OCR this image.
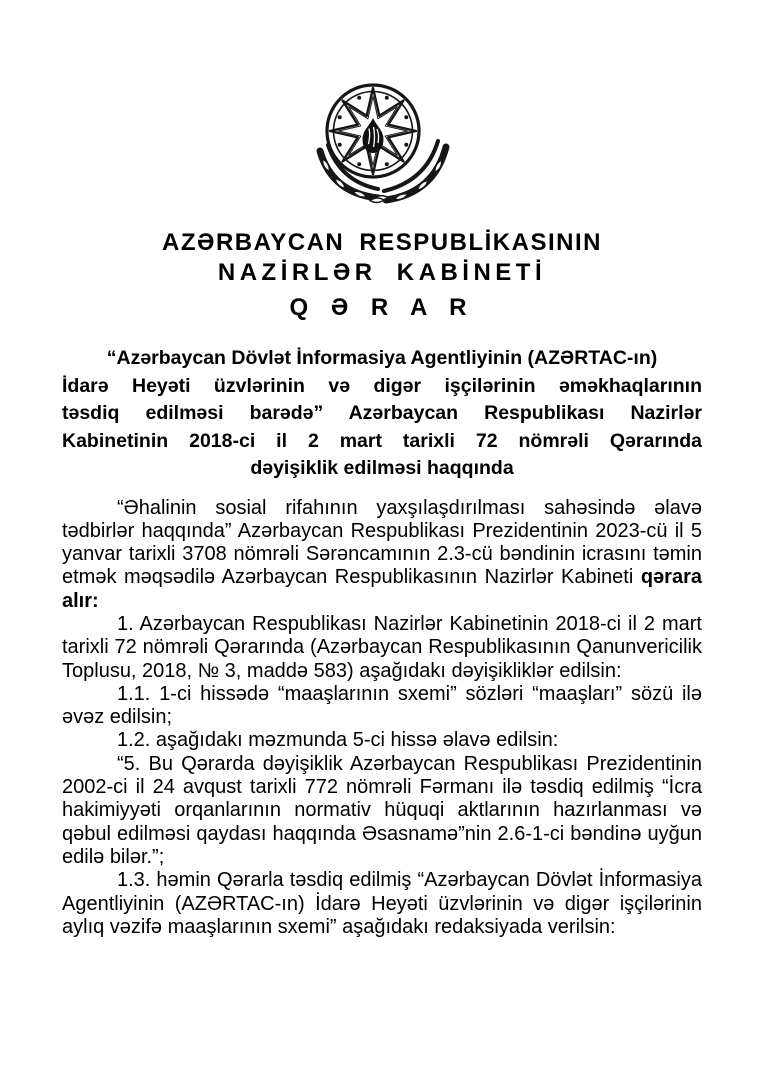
AZƏRBAYCAN RESPUBLİKASININ
NAZİRLƏR KABİNETİ
Q Ə R A R
“Azərbaycan Dövlət İnformasiya Agentliyinin (AZƏRTAC-ın)
İdarə Heyəti üzvlərinin və digər işçilərinin əməkhaqlarının
təsdiq edilməsi barədə” Azərbaycan Respublikası Nazirlər
Kabinetinin 2018-ci il 2 mart tarixli 72 nömrəli Qərarında
dəyişiklik edilməsi haqqında

“Əhalinin sosial rifahının yaxşılaşdırılması sahəsində əlavə tədbirlər haqqında” Azərbaycan Respublikası Prezidentinin 2023-cü il 5 yanvar tarixli 3708 nömrəli Sərəncamının 2.3-cü bəndinin icrasını təmin etmək məqsədilə Azərbaycan Respublikasının Nazirlər Kabineti qərara alır:

1. Azərbaycan Respublikası Nazirlər Kabinetinin 2018-ci il 2 mart tarixli 72 nömrəli Qərarında (Azərbaycan Respublikasının Qanunvericilik Toplusu, 2018, № 3, maddə 583) aşağıdakı dəyişikliklər edilsin:

1.1. 1-ci hissədə “maaşlarının sxemi” sözləri “maaşları” sözü ilə əvəz edilsin;

1.2. aşağıdakı məzmunda 5-ci hissə əlavə edilsin:

“5. Bu Qərarda dəyişiklik Azərbaycan Respublikası Prezidentinin 2002-ci il 24 avqust tarixli 772 nömrəli Fərmanı ilə təsdiq edilmiş “İcra hakimiyyəti orqanlarının normativ hüquqi aktlarının hazırlanması və qəbul edilməsi qaydası haqqında Əsasnamə”nin 2.6-1-ci bəndinə uyğun edilə bilər.”;

1.3. həmin Qərarla təsdiq edilmiş “Azərbaycan Dövlət İnformasiya Agentliyinin (AZƏRTAC-ın) İdarə Heyəti üzvlərinin və digər işçilərinin aylıq vəzifə maaşlarının sxemi” aşağıdakı redaksiyada verilsin:
